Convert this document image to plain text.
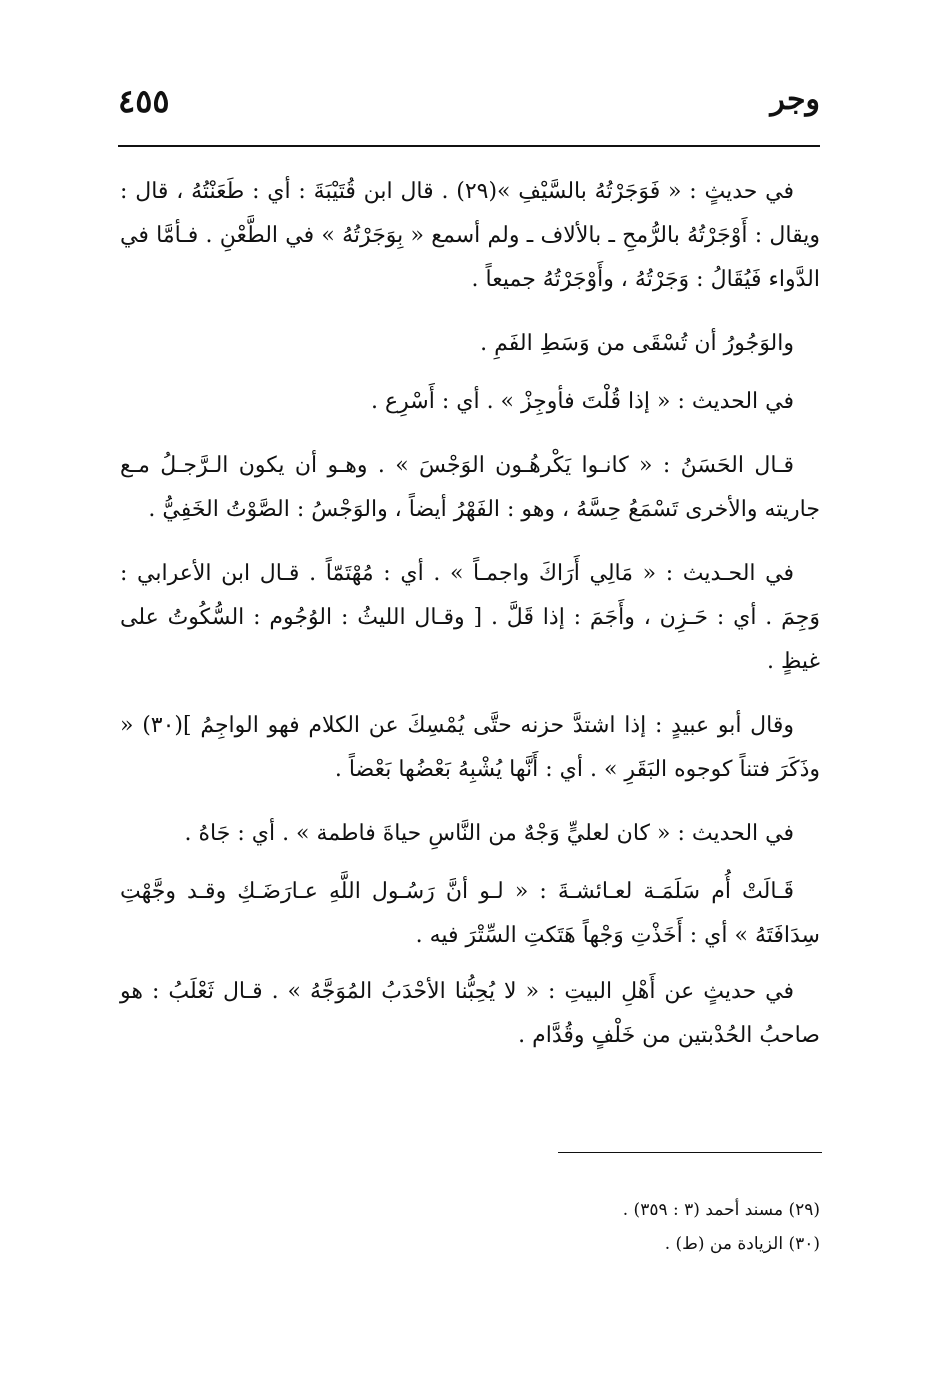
٤٥٥	وجر

في حديثٍ : « فَوَجَرْتُهُ بالسَّيْفِ »(٢٩) . قال ابن قُتَيْبَةَ : أي : طَعَنْتُهُ ، قال : ويقال : أَوْجَرْتُهُ بالرُّمحِ ـ بالألاف ـ ولم أسمع « بِوَجَرْتُهُ » في الطَّعْنِ . فـأمَّا في الدَّواء فَيُقَالُ : وَجَرْتُهُ ، وأَوْجَرْتُهُ جميعاً .

والوَجُورُ أن تُسْقَى من وَسَطِ الفَمِ .

في الحديث : « إذا قُلْتَ فأوجِزْ » . أي : أَسْرِع .

قـال الحَسَنُ : « كانـوا يَكْرهُـون الوَجْسَ » . وهـو أن يكون الـرَّجـلُ مـع جاريته والأخرى تَسْمَعُ حِسَّهُ ، وهو : الفَهْرُ أيضاً ، والوَجْسُ : الصَّوْتُ الخَفِيُّ .

في الحـديث : « مَالِي أَرَاكَ واجمـاً » . أي : مُهْتَمّاً . قـال ابن الأعرابي : وَجِمَ . أي : حَـزِن ، وأَجَمَ : إذا قَلَّ . [ وقـال الليثُ : الوُجُوم : السُّكُوتُ على غيظٍ .

وقال أبو عبيدٍ : إذا اشتدَّ حزنه حتَّى يُمْسِكَ عن الكلام فهو الواجِمُ ](٣٠) « وذَكَرَ فتناً كوجوه البَقَرِ » . أي : أَنَّها يُشْبِهُ بَعْضُها بَعْضاً .

في الحديث : « كان لعليٍّ وَجْهٌ من النَّاسِ حياةَ فاطمة » . أي : جَاهُ .

قَـالَتْ أُم سَلَمَـة لعـائشـةَ : « لـو أنَّ رَسُـول اللَّهِ عـارَضَـكِ وقـد وجَّهْتِ سِدَافَتَهُ » أي : أَخَذْتِ وَجْهاً هَتَكتِ السِّتْرَ فيه .

في حديثٍ عن أَهْلِ البيتِ : « لا يُحِبُّنا الأحْدَبُ المُوَجَّهُ » . قـال ثَعْلَبُ : هو صاحبُ الحُدْبتين من خَلْفٍ وقُدَّام .

(٢٩) مسند أحمد (٣ : ٣٥٩) .

(٣٠) الزيادة من (ط) .
